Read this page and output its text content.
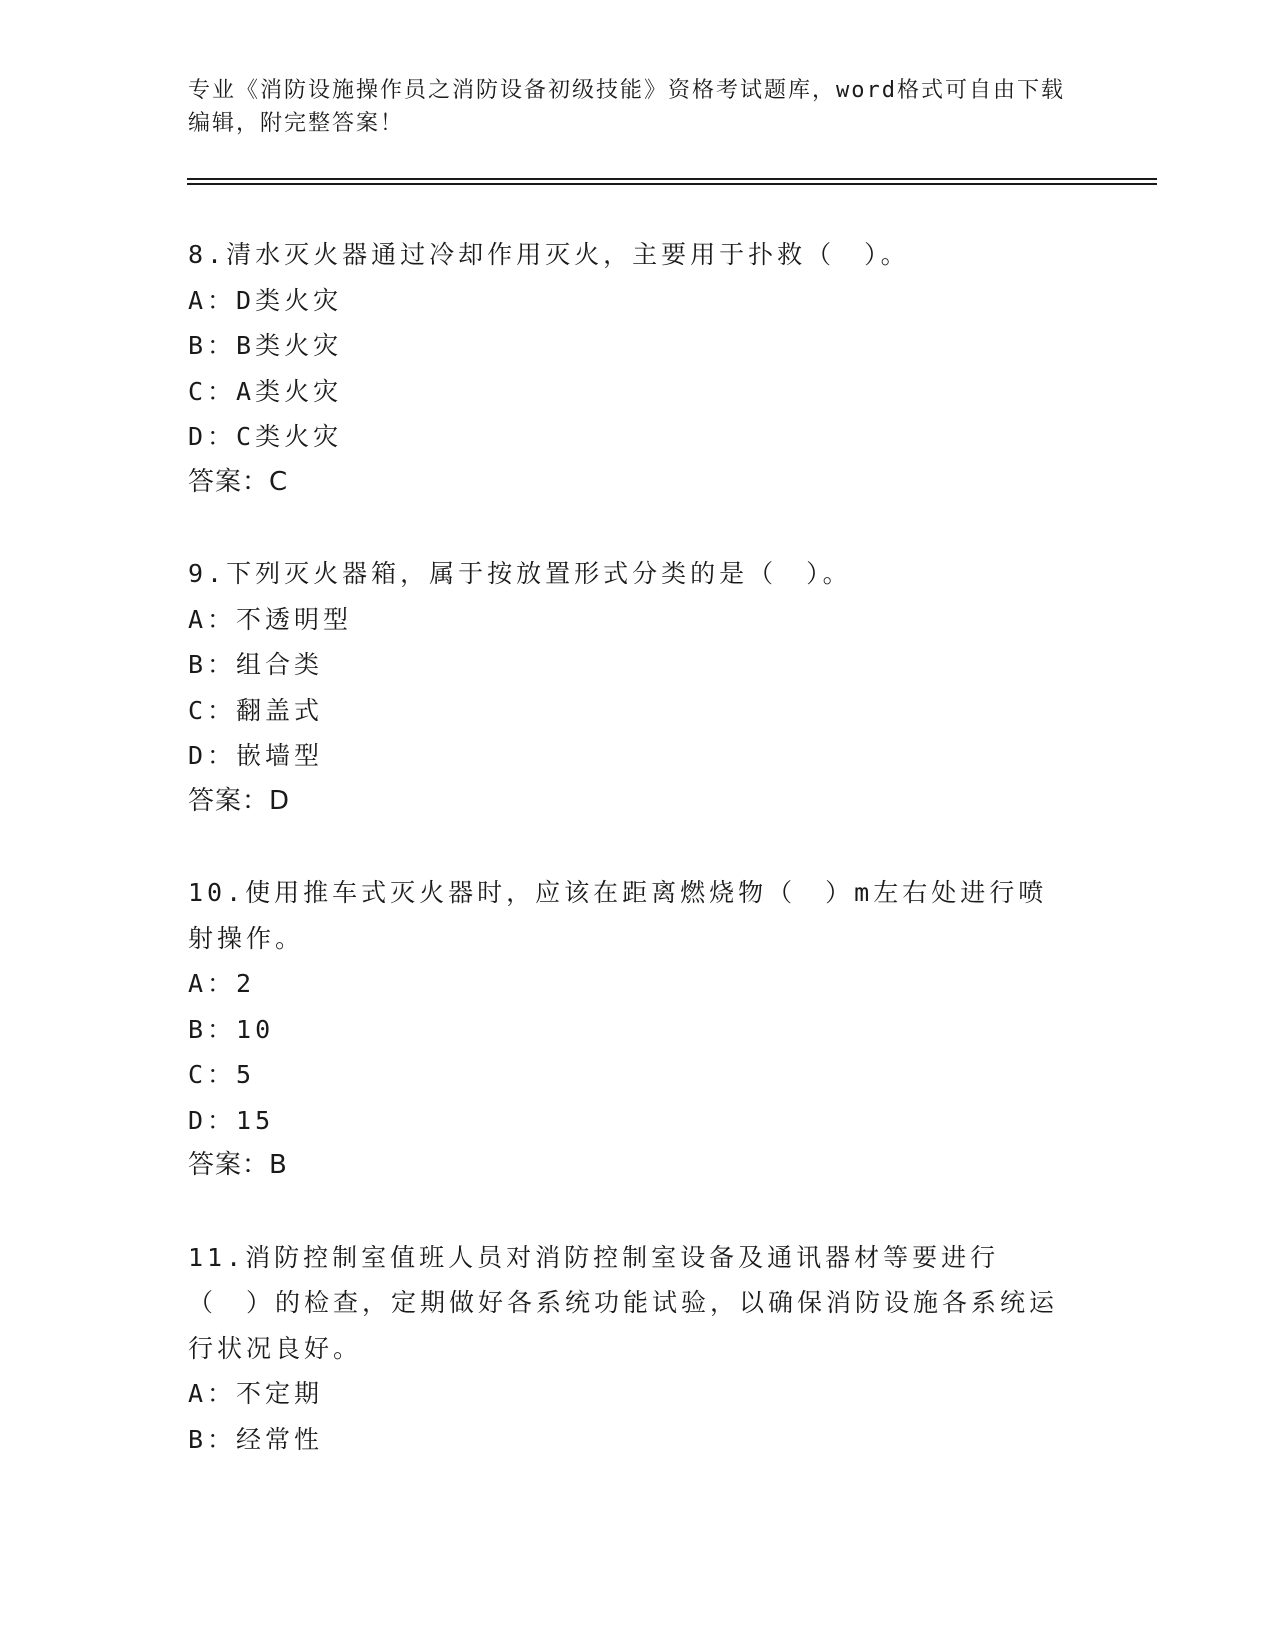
专业《消防设施操作员之消防设备初级技能》资格考试题库，word格式可自由下载编辑，附完整答案！
8.清水灭火器通过冷却作用灭火，主要用于扑救（　）。
A：D类火灾
B：B类火灾
C：A类火灾
D：C类火灾
答案：C
9.下列灭火器箱，属于按放置形式分类的是（　）。
A：不透明型
B：组合类
C：翻盖式
D：嵌墙型
答案：D
10.使用推车式灭火器时，应该在距离燃烧物（　）m左右处进行喷射操作。
A：2
B：10
C：5
D：15
答案：B
11.消防控制室值班人员对消防控制室设备及通讯器材等要进行（　）的检查，定期做好各系统功能试验，以确保消防设施各系统运行状况良好。
A：不定期
B：经常性
